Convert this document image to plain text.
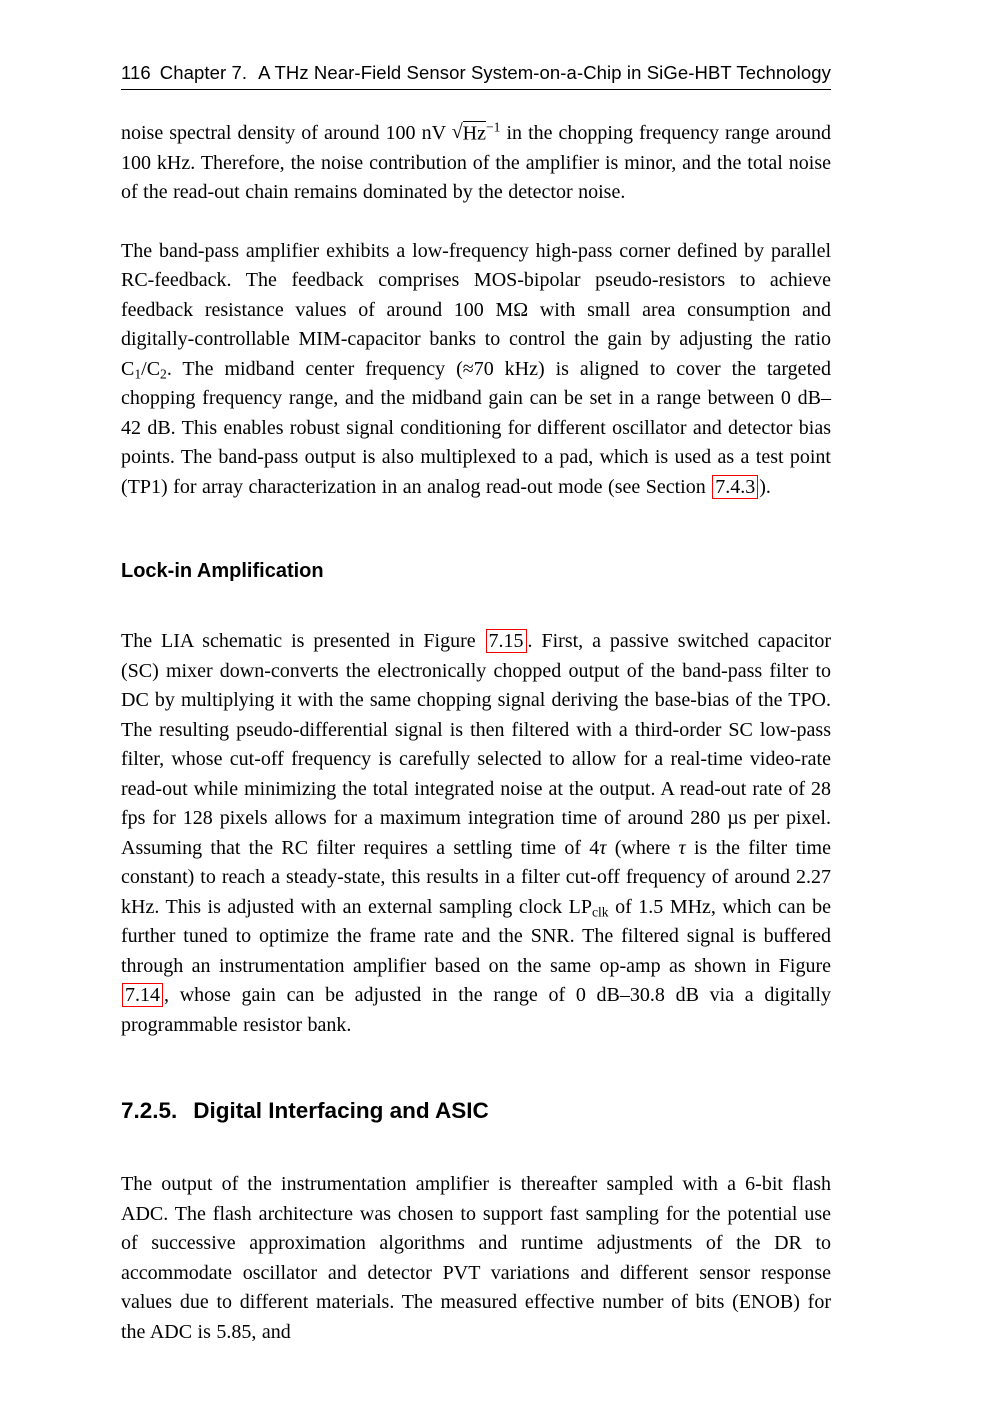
116 Chapter 7. A THz Near-Field Sensor System-on-a-Chip in SiGe-HBT Technology

noise spectral density of around 100 nV $√Hz^{-1}$ in the chopping frequency range around 100 kHz. Therefore, the noise contribution of the amplifier is minor, and the total noise of the read-out chain remains dominated by the detector noise.

The band-pass amplifier exhibits a low-frequency high-pass corner defined by parallel RC-feedback. The feedback comprises MOS-bipolar pseudo-resistors to achieve feedback resistance values of around 100 MΩ with small area consumption and digitally-controllable MIM-capacitor banks to control the gain by adjusting the ratio $C_1/C_2$. The midband center frequency (≈70 kHz) is aligned to cover the targeted chopping frequency range, and the midband gain can be set in a range between 0 dB–42 dB. This enables robust signal conditioning for different oscillator and detector bias points. The band-pass output is also multiplexed to a pad, which is used as a test point (TP1) for array characterization in an analog read-out mode (see Section 7.4.3 ).

Lock-in Amplification

The LIA schematic is presented in Figure 7.15 . First, a passive switched capacitor (SC) mixer down-converts the electronically chopped output of the band-pass filter to DC by multiplying it with the same chopping signal deriving the base-bias of the TPO. The resulting pseudo-differential signal is then filtered with a third-order SC low-pass filter, whose cut-off frequency is carefully selected to allow for a real-time video-rate read-out while minimizing the total integrated noise at the output. A read-out rate of 28 fps for 128 pixels allows for a maximum integration time of around 280 µs per pixel. Assuming that the RC filter requires a settling time of 4τ (where τ is the filter time constant) to reach a steady-state, this results in a filter cut-off frequency of around 2.27 kHz. This is adjusted with an external sampling clock $LP_{clk}$ of 1.5 MHz, which can be further tuned to optimize the frame rate and the SNR. The filtered signal is buffered through an instrumentation amplifier based on the same op-amp as shown in Figure 7.14 , whose gain can be adjusted in the range of 0 dB–30.8 dB via a digitally programmable resistor bank.

7.2.5. Digital Interfacing and ASIC

The output of the instrumentation amplifier is thereafter sampled with a 6-bit flash ADC. The flash architecture was chosen to support fast sampling for the potential use of successive approximation algorithms and runtime adjustments of the DR to accommodate oscillator and detector PVT variations and different sensor response values due to different materials. The measured effective number of bits (ENOB) for the ADC is 5.85, and
